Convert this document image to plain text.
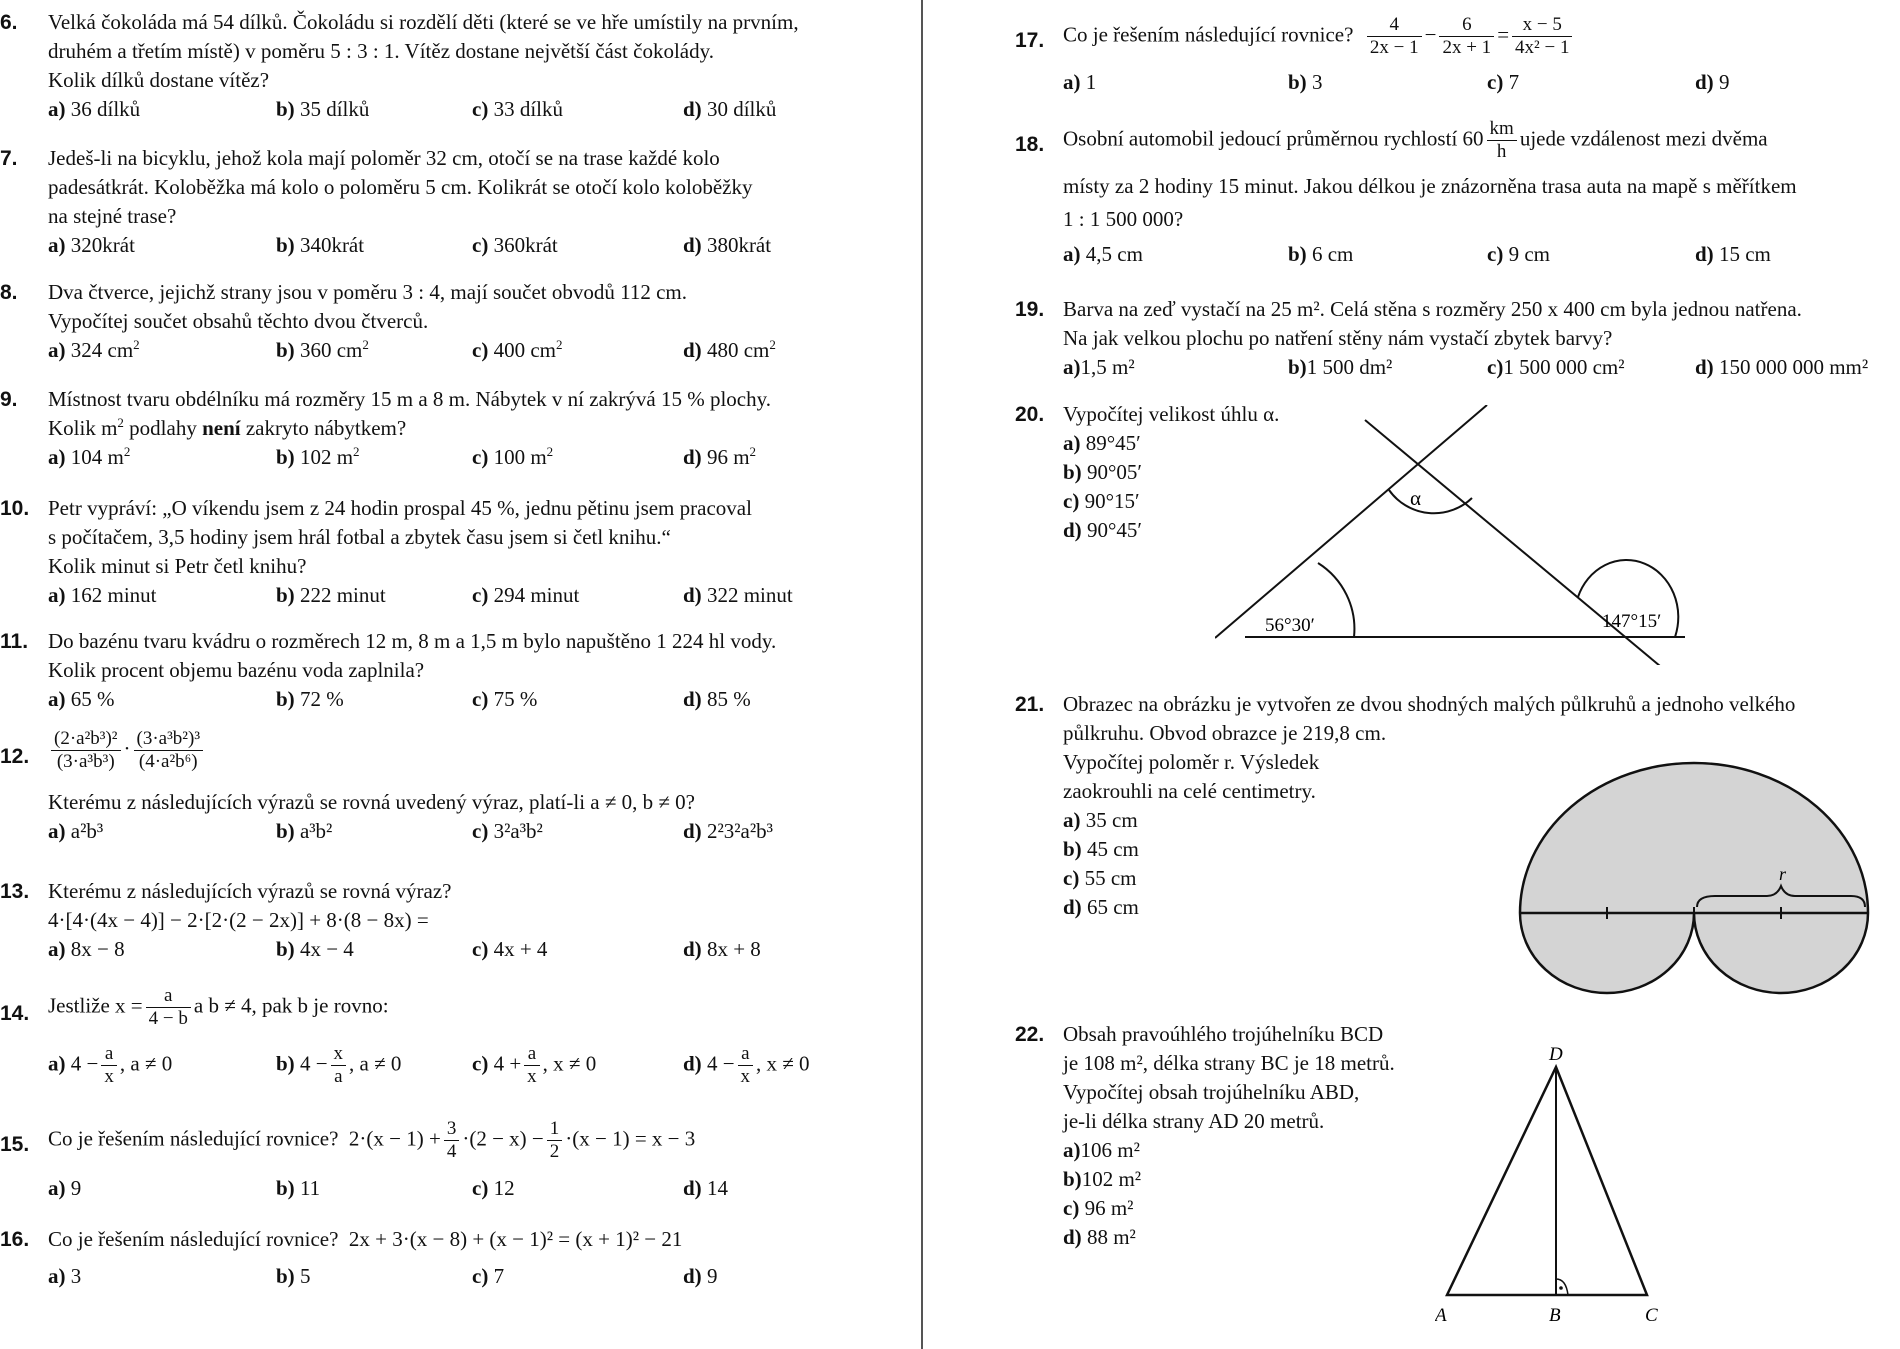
6.	Velká čokoláda má 54 dílků. Čokoládu si rozdělí děti (které se ve hře umístily na prvním,
druhém a třetím místě) v poměru 5 : 3 : 1. Vítěz dostane největší část čokolády.
Kolik dílků dostane vítěz?
a) 36 dílků	b) 35 dílků	c) 33 dílků	d) 30 dílků
7.	Jedeš-li na bicyklu, jehož kola mají poloměr 32 cm, otočí se na trase každé kolo
padesátkrát. Koloběžka má kolo o poloměru 5 cm. Kolikrát se otočí kolo koloběžky
na stejné trase?
a) 320krát	b) 340krát	c) 360krát	d) 380krát
8.	Dva čtverce, jejichž strany jsou v poměru 3 : 4, mají součet obvodů 112 cm.
Vypočítej součet obsahů těchto dvou čtverců.
a) 324 $cm^2$	b) 360 $cm^2$	c) 400 $cm^2$	d) 480 $cm^2$
9.	Místnost tvaru obdélníku má rozměry 15 m a 8 m. Nábytek v ní zakrývá 15 % plochy.
Kolik $m^2$ podlahy není zakryto nábytkem?
a) 104 $m^2$	b) 102 $m^2$	c) 100 $m^2$	d) 96 $m^2$
10. Petr vypráví: „O víkendu jsem z 24 hodin prospal 45 %, jednu pětinu jsem pracoval
s počítačem, 3,5 hodiny jsem hrál fotbal a zbytek času jsem si četl knihu.“
Kolik minut si Petr četl knihu?
a) 162 minut	b) 222 minut	c) 294 minut	d) 322 minut
11. Do bazénu tvaru kvádru o rozměrech 12 m, 8 m a 1,5 m bylo napuštěno 1 224 hl vody.
Kolik procent objemu bazénu voda zaplnila?
a) 65 %	b) 72 %	c) 75 %	d) 85 %
12.	$\frac{\text{(2·a²b³)²}}{\text{(3·a³b³)}} \cdot \frac{\text{(3·a³b²)³}}{\text{(4·a²b⁶)}}$
Kterému z následujících výrazů se rovná uvedený výraz, platí-li a ≠ 0, b ≠ 0?
a) a²b³	b) a³b²	c) 3²a³b²	d) 2²3²a²b³
13. Kterému z následujících výrazů se rovná výraz?
4·[4·(4x − 4)] − 2·[2·(2 − 2x)] + 8·(8 − 8x) =
a) 8x − 8	b) 4x − 4	c) 4x + 4	d) 8x + 8
14. Jestliže $x = \frac{a}{4 - b}$ a b ≠ 4, pak b je rovno:
a) $4 - \frac{a}{x}$ , a ≠ 0	b) $4 - \frac{x}{a}$ , a ≠ 0	c) $4 + \frac{a}{x}$ , x ≠ 0	d) $4 - \frac{a}{x}$ , x ≠ 0
15. Co je řešením následující rovnice? $2\cdot(x - 1) + \frac{3}{4} \cdot(2 - x) - \frac{1}{2} \cdot(x - 1) = x - 3$
a) 9	b) 11	c) 12	d) 14
16. Co je řešením následující rovnice? 2x + 3·(x − 8) + (x − 1)² = (x + 1)² − 21
a) 3	b) 5	c) 7	d) 9
17. Co je řešením následující rovnice? $\frac{4}{2x - 1} - \frac{6}{2x + 1} = \frac{x - 5}{\text{4x² − 1}}$
a) 1	b) 3	c) 7	d) 9
18. Osobní automobil jedoucí průměrnou rychlostí $60 \frac{km}{h}$ ujede vzdálenost mezi dvěma
místy za 2 hodiny 15 minut. Jakou délkou je znázorněna trasa auta na mapě s měřítkem
1 : 1 500 000?
a) 4,5 cm	b) 6 cm	c) 9 cm	d) 15 cm
19. Barva na zeď vystačí na 25 m². Celá stěna s rozměry 250 x 400 cm byla jednou natřena.
Na jak velkou plochu po natření stěny nám vystačí zbytek barvy?
a)1,5 m²	b)1 500 dm²	c)1 500 000 cm²	d) 150 000 000 mm²
20. Vypočítej velikost úhlu α.
a) 89°45′
b) 90°05′
c) 90°15′
d) 90°45′
α
56°30′	147°15′
21. Obrazec na obrázku je vytvořen ze dvou shodných malých půlkruhů a jednoho velkého
půlkruhu. Obvod obrazce je 219,8 cm.
Vypočítej poloměr r. Výsledek
zaokrouhli na celé centimetry.
a) 35 cm
b) 45 cm
c) 55 cm
d) 65 cm
r
22. Obsah pravoúhlého trojúhelníku BCD
je 108 m², délka strany BC je 18 metrů.
Vypočítej obsah trojúhelníku ABD,
je-li délka strany AD 20 metrů.
a)106 m²
b)102 m²
c) 96 m²
d) 88 m²
D
A	B	C
